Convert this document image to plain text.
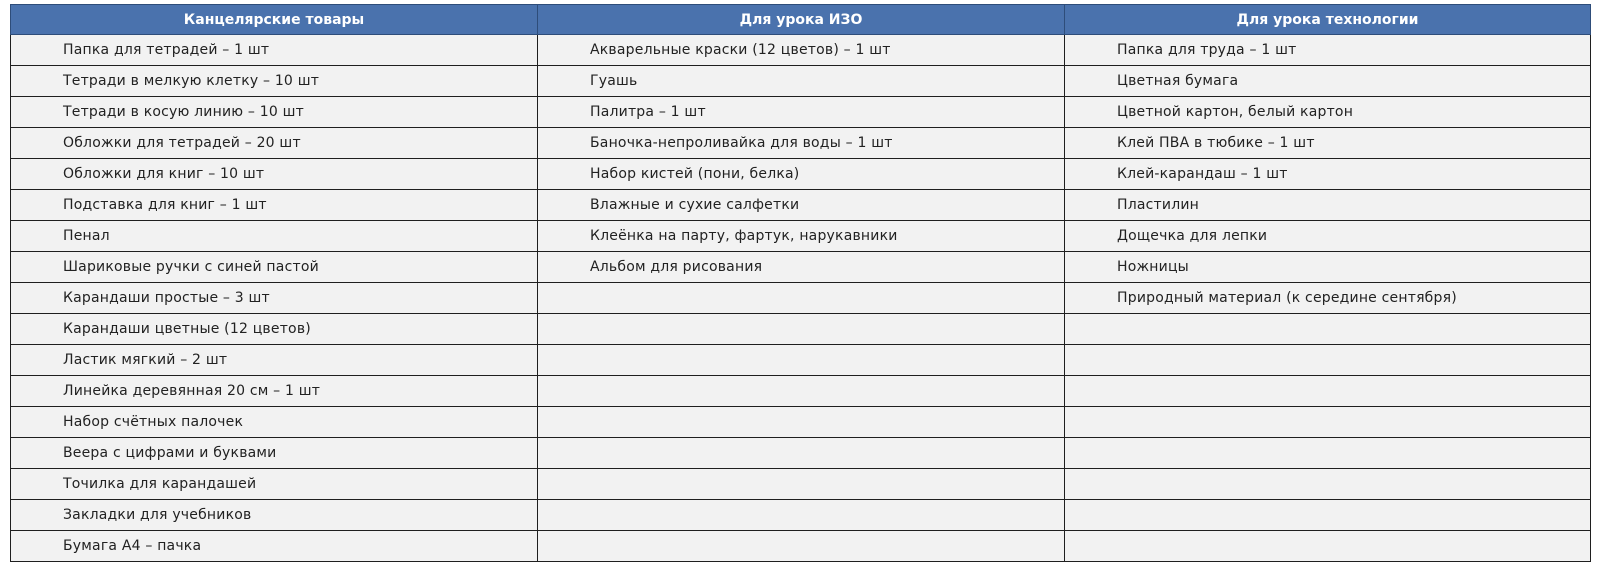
Канцелярские товары	Для урока ИЗО	Для урока технологии
Папка для тетрадей – 1 шт	Акварельные краски (12 цветов) – 1 шт	Папка для труда – 1 шт
Тетради в мелкую клетку – 10 шт	Гуашь	Цветная бумага
Тетради в косую линию – 10 шт	Палитра – 1 шт	Цветной картон, белый картон
Обложки для тетрадей – 20 шт	Баночка-непроливайка для воды – 1 шт	Клей ПВА в тюбике – 1 шт
Обложки для книг – 10 шт	Набор кистей (пони, белка)	Клей-карандаш – 1 шт
Подставка для книг – 1 шт	Влажные и сухие салфетки	Пластилин
Пенал	Клеёнка на парту, фартук, нарукавники	Дощечка для лепки
Шариковые ручки с синей пастой	Альбом для рисования	Ножницы
Карандаши простые – 3 шт		Природный материал (к середине сентября)
Карандаши цветные (12 цветов)		
Ластик мягкий – 2 шт		
Линейка деревянная 20 см – 1 шт		
Набор счётных палочек		
Веера с цифрами и буквами		
Точилка для карандашей		
Закладки для учебников		
Бумага А4 – пачка		
